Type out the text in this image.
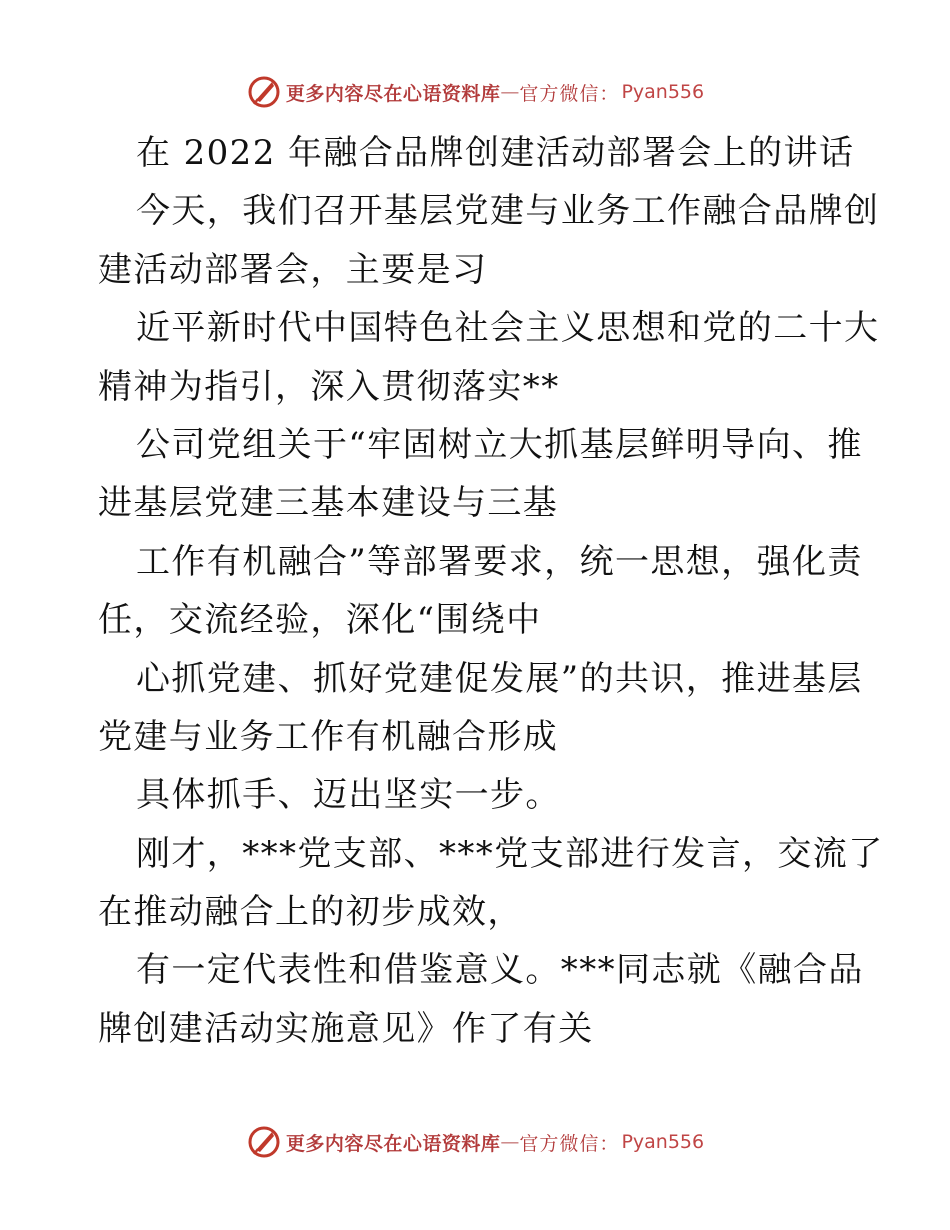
更多内容尽在心语资料库 — 官方微信： Pyan556
在 2022 年融合品牌创建活动部署会上的讲话
今天，我们召开基层党建与业务工作融合品牌创
建活动部署会，主要是习
近平新时代中国特色社会主义思想和党的二十大
精神为指引，深入贯彻落实**
公司党组关于“牢固树立大抓基层鲜明导向、推
进基层党建三基本建设与三基
工作有机融合”等部署要求，统一思想，强化责
任，交流经验，深化“围绕中
心抓党建、抓好党建促发展”的共识，推进基层
党建与业务工作有机融合形成
具体抓手、迈出坚实一步。
刚才，***党支部、***党支部进行发言，交流了
在推动融合上的初步成效，
有一定代表性和借鉴意义。***同志就《融合品
牌创建活动实施意见》作了有关
更多内容尽在心语资料库 — 官方微信： Pyan556
